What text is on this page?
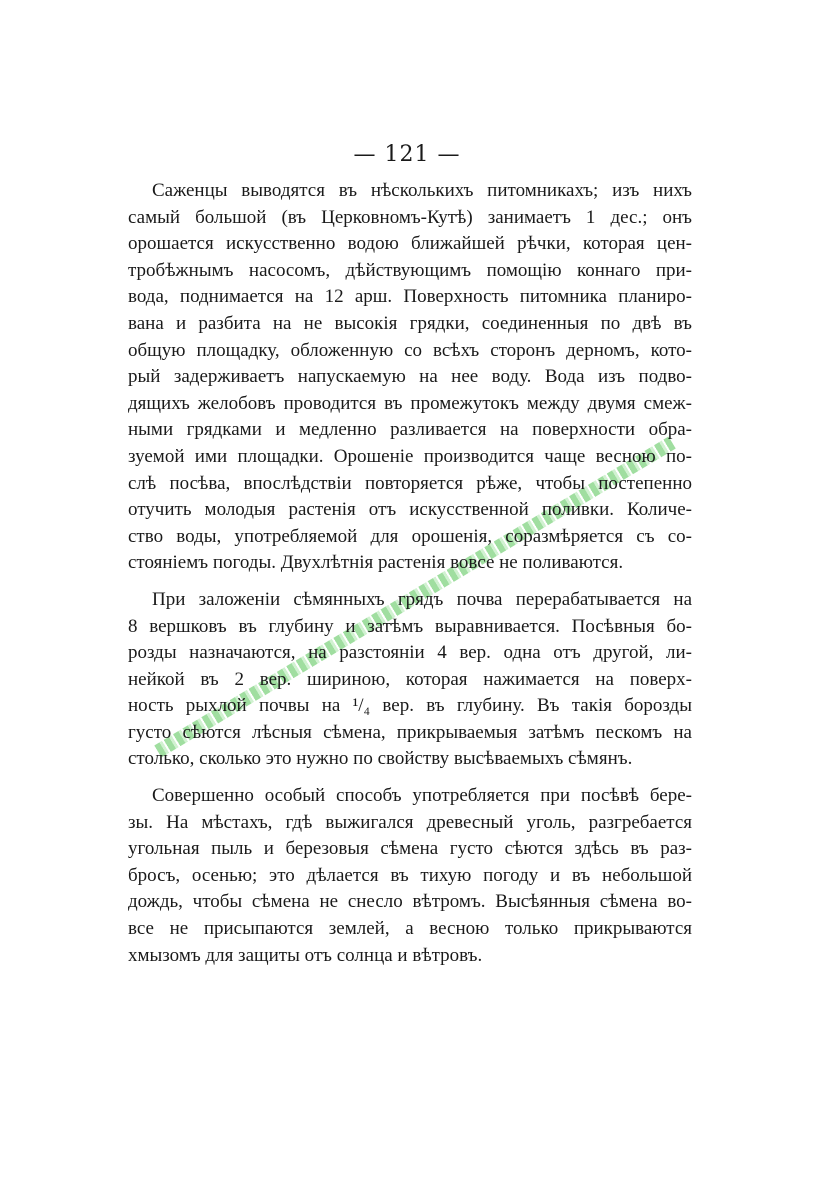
— 121 —
Саженцы выводятся въ нѣсколькихъ питомникахъ; изъ нихъ
самый большой (въ Церковномъ-Кутѣ) занимаетъ 1 дес.; онъ
орошается искусственно водою ближайшей рѣчки, которая цен-
тробѣжнымъ насосомъ, дѣйствующимъ помощію коннаго при-
вода, поднимается на 12 арш. Поверхность питомника планиро-
вана и разбита на не высокія грядки, соединенныя по двѣ въ
общую площадку, обложенную со всѣхъ сторонъ дерномъ, кото-
рый задерживаетъ напускаемую на нее воду. Вода изъ подво-
дящихъ желобовъ проводится въ промежутокъ между двумя смеж-
ными грядками и медленно разливается на поверхности обра-
зуемой ими площадки. Орошеніе производится чаще весною по-
слѣ посѣва, впослѣдствіи повторяется рѣже, чтобы постепенно
отучить молодыя растенія отъ искусственной поливки. Количе-
ство воды, употребляемой для орошенія, соразмѣряется съ со-
стояніемъ погоды. Двухлѣтнія растенія вовсе не поливаются.
При заложеніи сѣмянныхъ грядъ почва перерабатывается на
8 вершковъ въ глубину и затѣмъ выравнивается. Посѣвныя бо-
розды назначаются, на разстояніи 4 вер. одна отъ другой, ли-
нейкой въ 2 вер. шириною, которая нажимается на поверх-
ность рыхлой почвы на ¹/₄ вер. въ глубину. Въ такія борозды
густо сѣются лѣсныя сѣмена, прикрываемыя затѣмъ пескомъ на
столько, сколько это нужно по свойству высѣваемыхъ сѣмянъ.
Совершенно особый способъ употребляется при посѣвѣ бере-
зы. На мѣстахъ, гдѣ выжигался древесный уголь, разгребается
угольная пыль и березовыя сѣмена густо сѣются здѣсь въ раз-
бросъ, осенью; это дѣлается въ тихую погоду и въ небольшой
дождь, чтобы сѣмена не снесло вѣтромъ. Высѣянныя сѣмена во-
все не присыпаются землей, а весною только прикрываются
хмызомъ для защиты отъ солнца и вѣтровъ.
